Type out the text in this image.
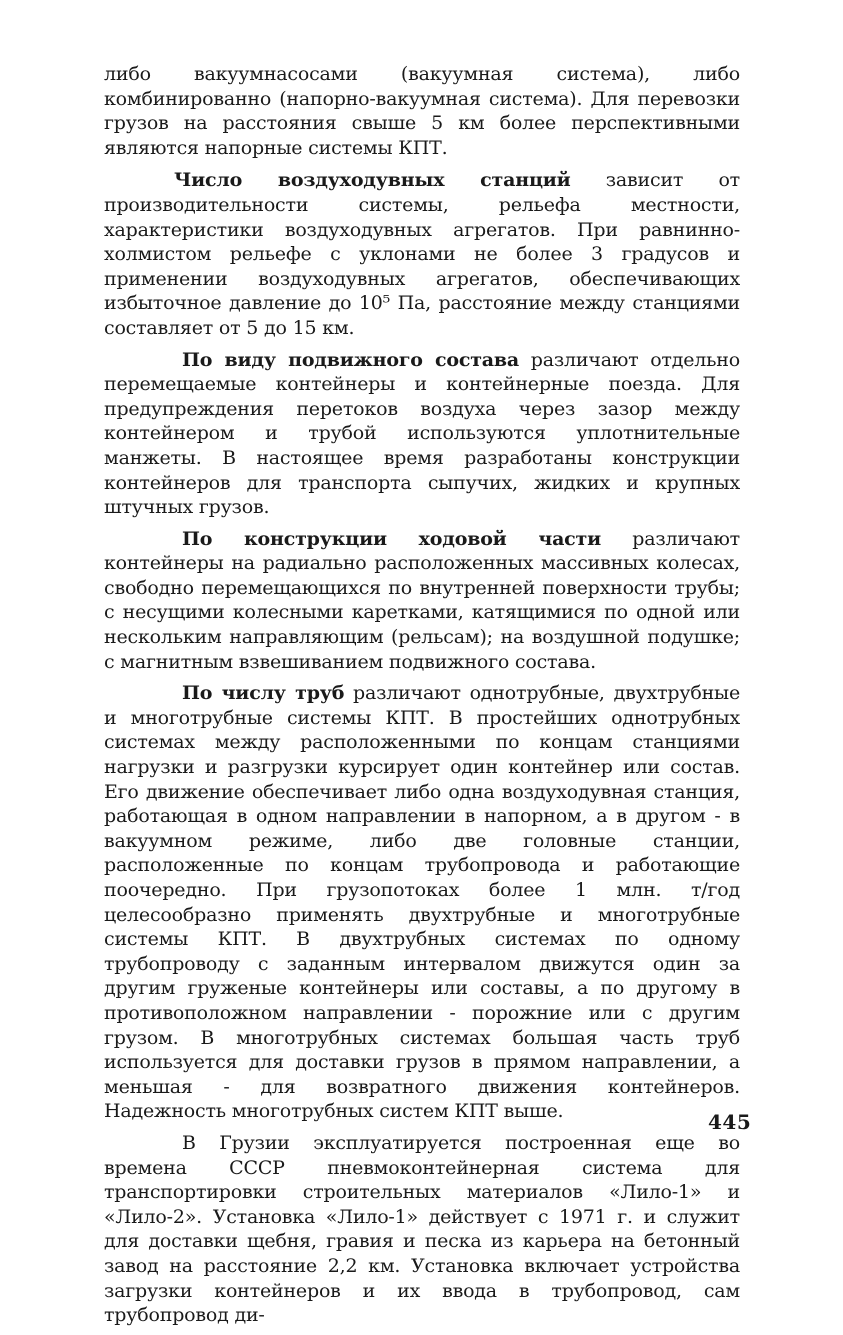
либо вакуумнасосами (вакуумная система), либо комбинированно (напорно-вакуумная система). Для перевозки грузов на расстояния свыше 5 км более перспективными являются напорные системы КПТ.

Число воздуходувных станций зависит от производительности системы, рельефа местности, характеристики воздуходувных агрегатов. При равнинно-холмистом рельефе с уклонами не более 3 градусов и применении воздуходувных агрегатов, обеспечивающих избыточное давление до 10⁵ Па, расстояние между станциями составляет от 5 до 15 км.

По виду подвижного состава различают отдельно перемещаемые контейнеры и контейнерные поезда. Для предупреждения перетоков воздуха через зазор между контейнером и трубой используются уплотнительные манжеты. В настоящее время разработаны конструкции контейнеров для транспорта сыпучих, жидких и крупных штучных грузов.

По конструкции ходовой части различают контейнеры на радиально расположенных массивных колесах, свободно перемещающихся по внутренней поверхности трубы; с несущими колесными каретками, катящимися по одной или нескольким направляющим (рельсам); на воздушной подушке; с магнитным взвешиванием подвижного состава.

По числу труб различают однотрубные, двухтрубные и многотрубные системы КПТ. В простейших однотрубных системах между расположенными по концам станциями нагрузки и разгрузки курсирует один контейнер или состав. Его движение обеспечивает либо одна воздуходувная станция, работающая в одном направлении в напорном, а в другом - в вакуумном режиме, либо две головные станции, расположенные по концам трубопровода и работающие поочередно. При грузопотоках более 1 млн. т/год целесообразно применять двухтрубные и многотрубные системы КПТ. В двухтрубных системах по одному трубопроводу с заданным интервалом движутся один за другим груженые контейнеры или составы, а по другому в противоположном направлении - порожние или с другим грузом. В многотрубных системах большая часть труб используется для доставки грузов в прямом направлении, а меньшая - для возвратного движения контейнеров. Надежность многотрубных систем КПТ выше.

В Грузии эксплуатируется построенная еще во времена СССР пневмоконтейнерная система для транспортировки строительных материалов «Лило-1» и «Лило-2». Установка «Лило-1» действует с 1971 г. и служит для доставки щебня, гравия и песка из карьера на бетонный завод на расстояние 2,2 км. Установка включает устройства загрузки контейнеров и их ввода в трубопровод, сам трубопровод ди-

445
